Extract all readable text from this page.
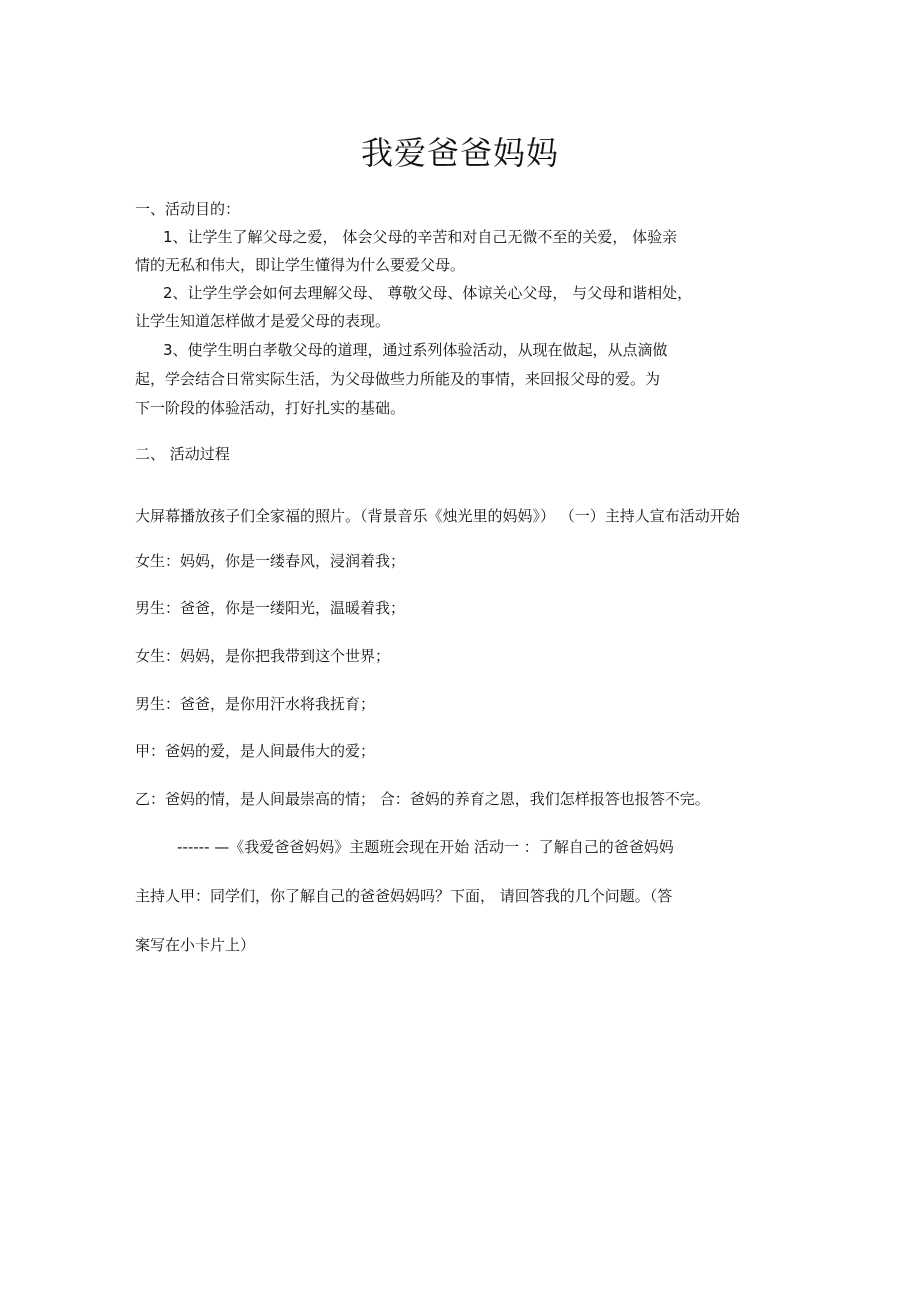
我爱爸爸妈妈
一、活动目的：
1、让学生了解父母之爱， 体会父母的辛苦和对自己无微不至的关爱， 体验亲
情的无私和伟大，即让学生懂得为什么要爱父母。
2、让学生学会如何去理解父母、 尊敬父母、体谅关心父母， 与父母和谐相处，
让学生知道怎样做才是爱父母的表现。
3、使学生明白孝敬父母的道理，通过系列体验活动，从现在做起，从点滴做
起，学会结合日常实际生活，为父母做些力所能及的事情，来回报父母的爱。为
下一阶段的体验活动，打好扎实的基础。
二、 活动过程
大屏幕播放孩子们全家福的照片。（背景音乐《烛光里的妈妈》） （一）主持人宣布活动开始
女生：妈妈，你是一缕春风，浸润着我；
男生：爸爸，你是一缕阳光，温暖着我；
女生：妈妈，是你把我带到这个世界；
男生：爸爸，是你用汗水将我抚育；
甲：爸妈的爱，是人间最伟大的爱；
乙：爸妈的情，是人间最崇高的情； 合：爸妈的养育之恩，我们怎样报答也报答不完。
------ —《我爱爸爸妈妈》主题班会现在开始 活动一 ：了解自己的爸爸妈妈
主持人甲：同学们，你了解自己的爸爸妈妈吗？下面， 请回答我的几个问题。（答
案写在小卡片上）
